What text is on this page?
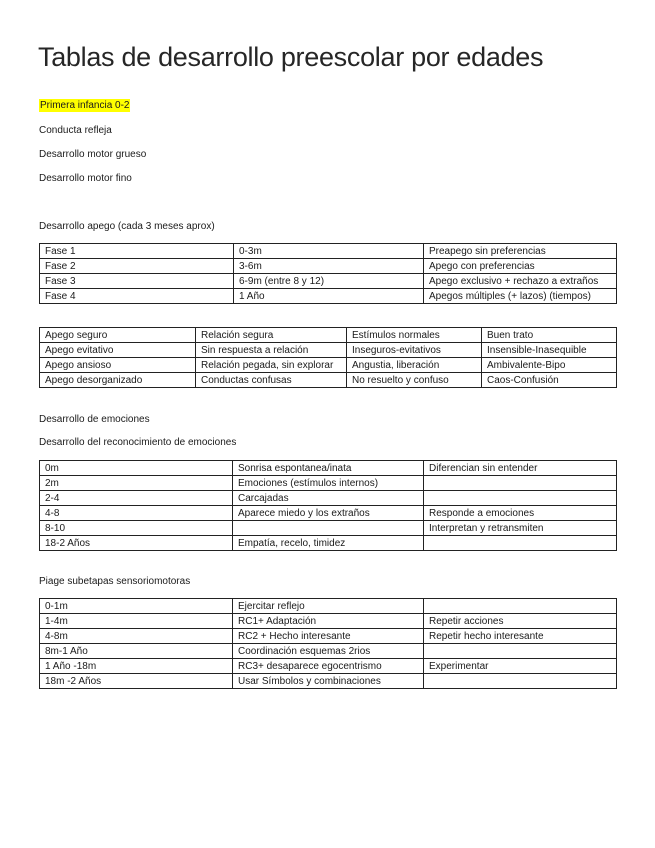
Tablas de desarrollo preescolar por edades
Primera infancia 0-2
Conducta refleja
Desarrollo motor grueso
Desarrollo motor fino
Desarrollo apego (cada 3 meses aprox)
Fase 1	0-3m	Preapego sin preferencias
Fase 2	3-6m	Apego con preferencias
Fase 3	6-9m (entre 8 y 12)	Apego exclusivo + rechazo a extraños
Fase 4	1 Año	Apegos múltiples (+ lazos) (tiempos)
Apego seguro	Relación segura	Estímulos normales	Buen trato
Apego evitativo	Sin respuesta a relación	Inseguros-evitativos	Insensible-Inasequible
Apego ansioso	Relación pegada, sin explorar	Angustia, liberación	Ambivalente-Bipo
Apego desorganizado	Conductas confusas	No resuelto y confuso	Caos-Confusión
Desarrollo de emociones
Desarrollo del reconocimiento de emociones
0m	Sonrisa espontanea/inata	Diferencian sin entender
2m	Emociones (estímulos internos)	
2-4	Carcajadas	
4-8	Aparece miedo y los extraños	Responde a emociones
8-10		Interpretan y retransmiten
18-2 Años	Empatía, recelo, timidez	
Piage subetapas sensoriomotoras
0-1m	Ejercitar reflejo	
1-4m	RC1+ Adaptación	Repetir acciones
4-8m	RC2 + Hecho interesante	Repetir hecho interesante
8m-1 Año	Coordinación esquemas 2rios	
1 Año -18m	RC3+ desaparece egocentrismo	Experimentar
18m -2 Años	Usar Símbolos y combinaciones	
